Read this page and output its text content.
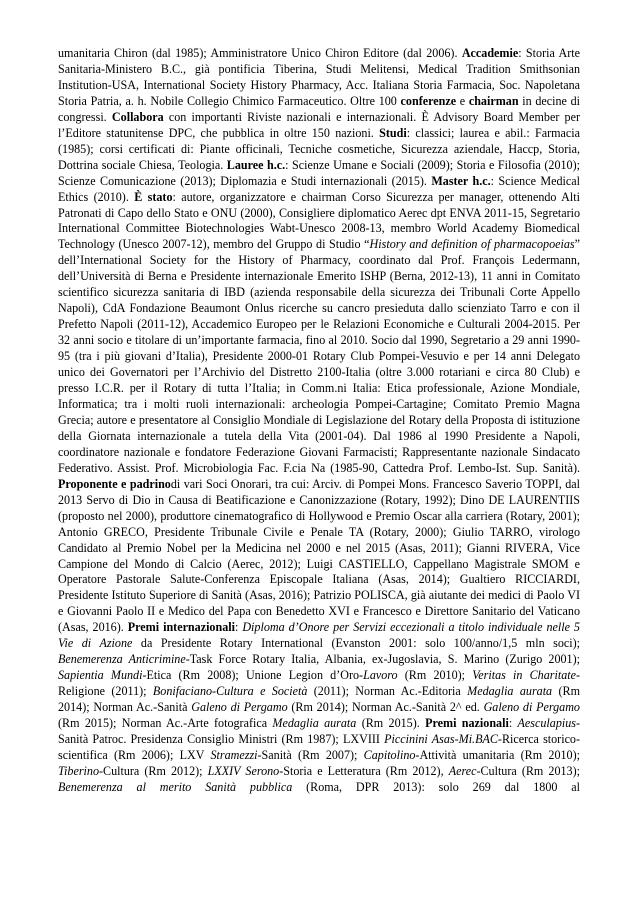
umanitaria Chiron (dal 1985); Amministratore Unico Chiron Editore (dal 2006). Accademie: Storia Arte Sanitaria-Ministero B.C., già pontificia Tiberina, Studi Melitensi, Medical Tradition Smithsonian Institution-USA, International Society History Pharmacy, Acc. Italiana Storia Farmacia, Soc. Napoletana Storia Patria, a. h. Nobile Collegio Chimico Farmaceutico. Oltre 100 conferenze e chairman in decine di congressi. Collabora con importanti Riviste nazionali e internazionali. È Advisory Board Member per l’Editore statunitense DPC, che pubblica in oltre 150 nazioni. Studi: classici; laurea e abil.: Farmacia (1985); corsi certificati di: Piante officinali, Tecniche cosmetiche, Sicurezza aziendale, Haccp, Storia, Dottrina sociale Chiesa, Teologia. Lauree h.c.: Scienze Umane e Sociali (2009); Storia e Filosofia (2010); Scienze Comunicazione (2013); Diplomazia e Studi internazionali (2015). Master h.c.: Science Medical Ethics (2010). È stato: autore, organizzatore e chairman Corso Sicurezza per manager, ottenendo Alti Patronati di Capo dello Stato e ONU (2000), Consigliere diplomatico Aerec dpt ENVA 2011-15, Segretario International Committee Biotechnologies Wabt-Unesco 2008-13, membro World Academy Biomedical Technology (Unesco 2007-12), membro del Gruppo di Studio “History and definition of pharmacopoeias” dell’International Society for the History of Pharmacy, coordinato dal Prof. François Ledermann, dell’Università di Berna e Presidente internazionale Emerito ISHP (Berna, 2012-13), 11 anni in Comitato scientifico sicurezza sanitaria di IBD (azienda responsabile della sicurezza dei Tribunali Corte Appello Napoli), CdA Fondazione Beaumont Onlus ricerche su cancro presieduta dallo scienziato Tarro e con il Prefetto Napoli (2011-12), Accademico Europeo per le Relazioni Economiche e Culturali 2004-2015. Per 32 anni socio e titolare di un’importante farmacia, fino al 2010. Socio dal 1990, Segretario a 29 anni 1990-95 (tra i più giovani d’Italia), Presidente 2000-01 Rotary Club Pompei-Vesuvio e per 14 anni Delegato unico dei Governatori per l’Archivio del Distretto 2100-Italia (oltre 3.000 rotariani e circa 80 Club) e presso I.C.R. per il Rotary di tutta l’Italia; in Comm.ni Italia: Etica professionale, Azione Mondiale, Informatica; tra i molti ruoli internazionali: archeologia Pompei-Cartagine; Comitato Premio Magna Grecia; autore e presentatore al Consiglio Mondiale di Legislazione del Rotary della Proposta di istituzione della Giornata internazionale a tutela della Vita (2001-04). Dal 1986 al 1990 Presidente a Napoli, coordinatore nazionale e fondatore Federazione Giovani Farmacisti; Rappresentante nazionale Sindacato Federativo. Assist. Prof. Microbiologia Fac. F.cia Na (1985-90, Cattedra Prof. Lembo-Ist. Sup. Sanità). Proponente e padrinodi vari Soci Onorari, tra cui: Arciv. di Pompei Mons. Francesco Saverio TOPPI, dal 2013 Servo di Dio in Causa di Beatificazione e Canonizzazione (Rotary, 1992); Dino DE LAURENTIIS (proposto nel 2000), produttore cinematografico di Hollywood e Premio Oscar alla carriera (Rotary, 2001); Antonio GRECO, Presidente Tribunale Civile e Penale TA (Rotary, 2000); Giulio TARRO, virologo Candidato al Premio Nobel per la Medicina nel 2000 e nel 2015 (Asas, 2011); Gianni RIVERA, Vice Campione del Mondo di Calcio (Aerec, 2012); Luigi CASTIELLO, Cappellano Magistrale SMOM e Operatore Pastorale Salute-Conferenza Episcopale Italiana (Asas, 2014); Gualtiero RICCIARDI, Presidente Istituto Superiore di Sanità (Asas, 2016); Patrizio POLISCA, già aiutante dei medici di Paolo VI e Giovanni Paolo II e Medico del Papa con Benedetto XVI e Francesco e Direttore Sanitario del Vaticano (Asas, 2016). Premi internazionali: Diploma d’Onore per Servizi eccezionali a titolo individuale nelle 5 Vie di Azione da Presidente Rotary International (Evanston 2001: solo 100/anno/1,5 mln soci); Benemerenza Anticrimine-Task Force Rotary Italia, Albania, ex-Jugoslavia, S. Marino (Zurigo 2001); Sapientia Mundi-Etica (Rm 2008); Unione Legion d’Oro-Lavoro (Rm 2010); Veritas in Charitate-Religione (2011); Bonifaciano-Cultura e Società (2011); Norman Ac.-Editoria Medaglia aurata (Rm 2014); Norman Ac.-Sanità Galeno di Pergamo (Rm 2014); Norman Ac.-Sanità 2^ ed. Galeno di Pergamo (Rm 2015); Norman Ac.-Arte fotografica Medaglia aurata (Rm 2015). Premi nazionali: Aesculapius-Sanità Patroc. Presidenza Consiglio Ministri (Rm 1987); LXVIII Piccinini Asas-Mi.BAC-Ricerca storico-scientifica (Rm 2006); LXV Stramezzi-Sanità (Rm 2007); Capitolino-Attività umanitaria (Rm 2010); Tiberino-Cultura (Rm 2012); LXXIV Serono-Storia e Letteratura (Rm 2012), Aerec-Cultura (Rm 2013); Benemerenza al merito Sanità pubblica (Roma, DPR 2013): solo 269 dal 1800 al
